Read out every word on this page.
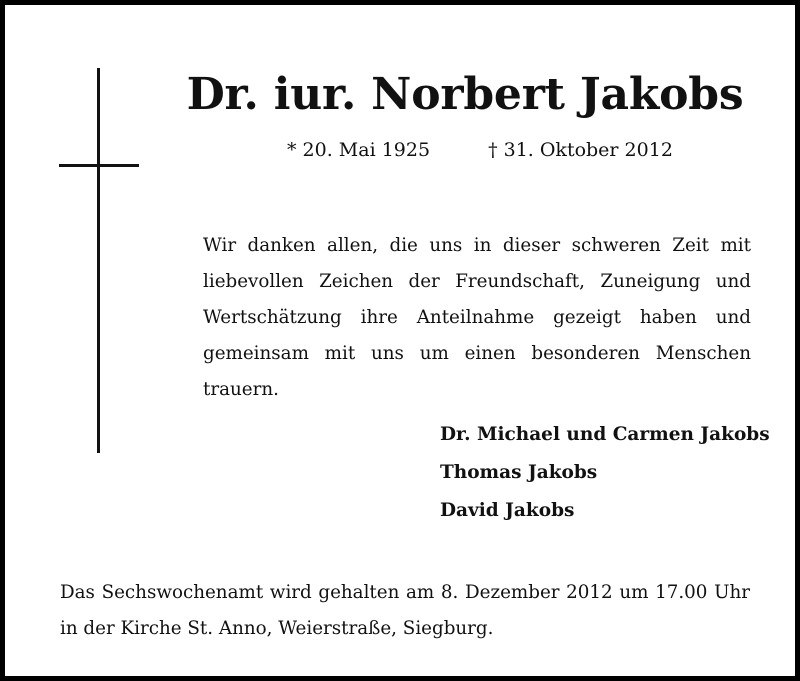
Dr. iur. Norbert Jakobs
* 20. Mai 1925	† 31. Oktober 2012
Wir danken allen, die uns in dieser schweren Zeit mit liebevollen Zeichen der Freundschaft, Zuneigung und Wertschätzung ihre Anteilnahme gezeigt haben und gemeinsam mit uns um einen besonderen Menschen trauern.
Dr. Michael und Carmen Jakobs
Thomas Jakobs
David Jakobs
Das Sechswochenamt wird gehalten am 8. Dezember 2012 um 17.00 Uhr in der Kirche St. Anno, Weierstraße, Siegburg.
